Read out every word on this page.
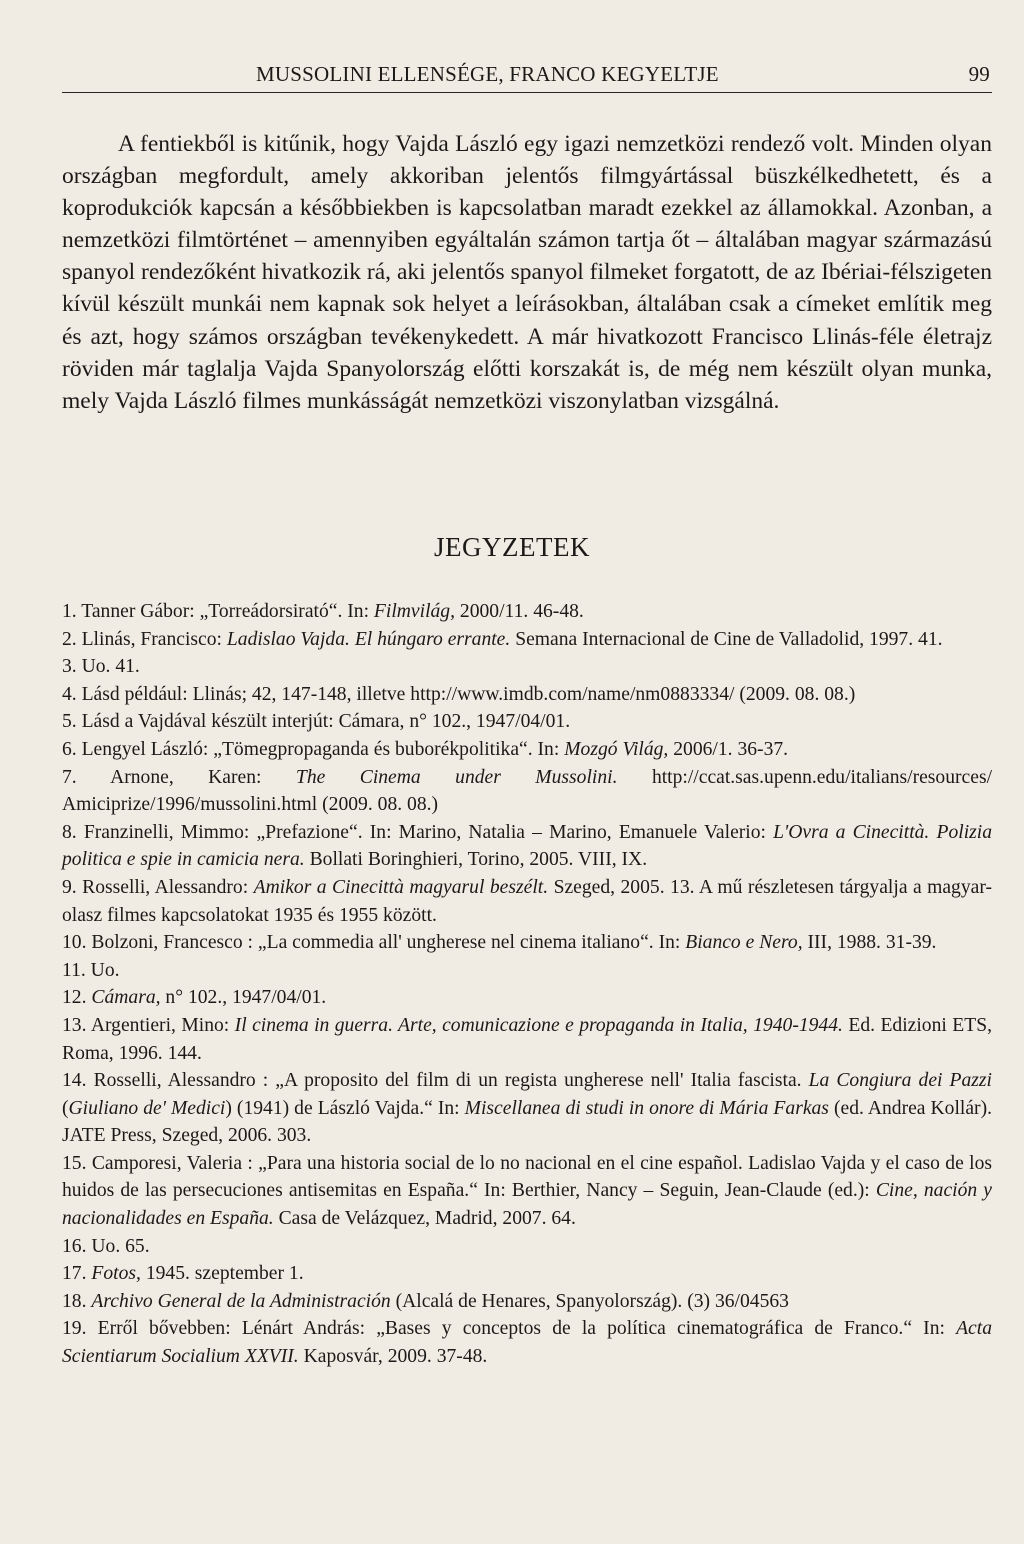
MUSSOLINI ELLENSÉGE, FRANCO KEGYELTJE	99

A fentiekből is kitűnik, hogy Vajda László egy igazi nemzetközi rendező volt. Minden olyan országban megfordult, amely akkoriban jelentős filmgyártással büszkélkedhetett, és a koprodukciók kapcsán a későbbiekben is kapcsolatban maradt ezekkel az államokkal. Azonban, a nemzetközi filmtörténet – amennyiben egyáltalán számon tartja őt – általában magyar származású spanyol rendezőként hivatkozik rá, aki jelentős spanyol filmeket forgatott, de az Ibériai-félszigeten kívül készült munkái nem kapnak sok helyet a leírásokban, általában csak a címeket említik meg és azt, hogy számos országban tevékenykedett. A már hivatkozott Francisco Llinás-féle életrajz röviden már taglalja Vajda Spanyolország előtti korszakát is, de még nem készült olyan munka, mely Vajda László filmes munkásságát nemzetközi viszonylatban vizsgálná.

JEGYZETEK
1. Tanner Gábor: „Torreádorsirató“. In: Filmvilág, 2000/11. 46-48.
2. Llinás, Francisco: Ladislao Vajda. El húngaro errante. Semana Internacional de Cine de Valladolid, 1997. 41.
3. Uo. 41.
4. Lásd például: Llinás; 42, 147-148, illetve http://www.imdb.com/name/nm0883334/ (2009. 08. 08.)
5. Lásd a Vajdával készült interjút: Cámara, n° 102., 1947/04/01.
6. Lengyel László: „Tömegpropaganda és buborékpolitika“. In: Mozgó Világ, 2006/1. 36-37.
7. Arnone, Karen: The Cinema under Mussolini. http://ccat.sas.upenn.edu/italians/resources/ Amiciprize/1996/mussolini.html (2009. 08. 08.)
8. Franzinelli, Mimmo: „Prefazione“. In: Marino, Natalia – Marino, Emanuele Valerio: L'Ovra a Cinecittà. Polizia politica e spie in camicia nera. Bollati Boringhieri, Torino, 2005. VIII, IX.
9. Rosselli, Alessandro: Amikor a Cinecittà magyarul beszélt. Szeged, 2005. 13. A mű részletesen tárgyalja a magyar-olasz filmes kapcsolatokat 1935 és 1955 között.
10. Bolzoni, Francesco : „La commedia all' ungherese nel cinema italiano“. In: Bianco e Nero, III, 1988. 31-39.
11. Uo.
12. Cámara, n° 102., 1947/04/01.
13. Argentieri, Mino: Il cinema in guerra. Arte, comunicazione e propaganda in Italia, 1940-1944. Ed. Edizioni ETS, Roma, 1996. 144.
14. Rosselli, Alessandro : „A proposito del film di un regista ungherese nell' Italia fascista. La Congiura dei Pazzi (Giuliano de' Medici) (1941) de László Vajda.“ In: Miscellanea di studi in onore di Mária Farkas (ed. Andrea Kollár). JATE Press, Szeged, 2006. 303.
15. Camporesi, Valeria : „Para una historia social de lo no nacional en el cine español. Ladislao Vajda y el caso de los huidos de las persecuciones antisemitas en España.“ In: Berthier, Nancy – Seguin, Jean-Claude (ed.): Cine, nación y nacionalidades en España. Casa de Velázquez, Madrid, 2007. 64.
16. Uo. 65.
17. Fotos, 1945. szeptember 1.
18. Archivo General de la Administración (Alcalá de Henares, Spanyolország). (3) 36/04563
19. Erről bővebben: Lénárt András: „Bases y conceptos de la política cinematográfica de Franco.“ In: Acta Scientiarum Socialium XXVII. Kaposvár, 2009. 37-48.
